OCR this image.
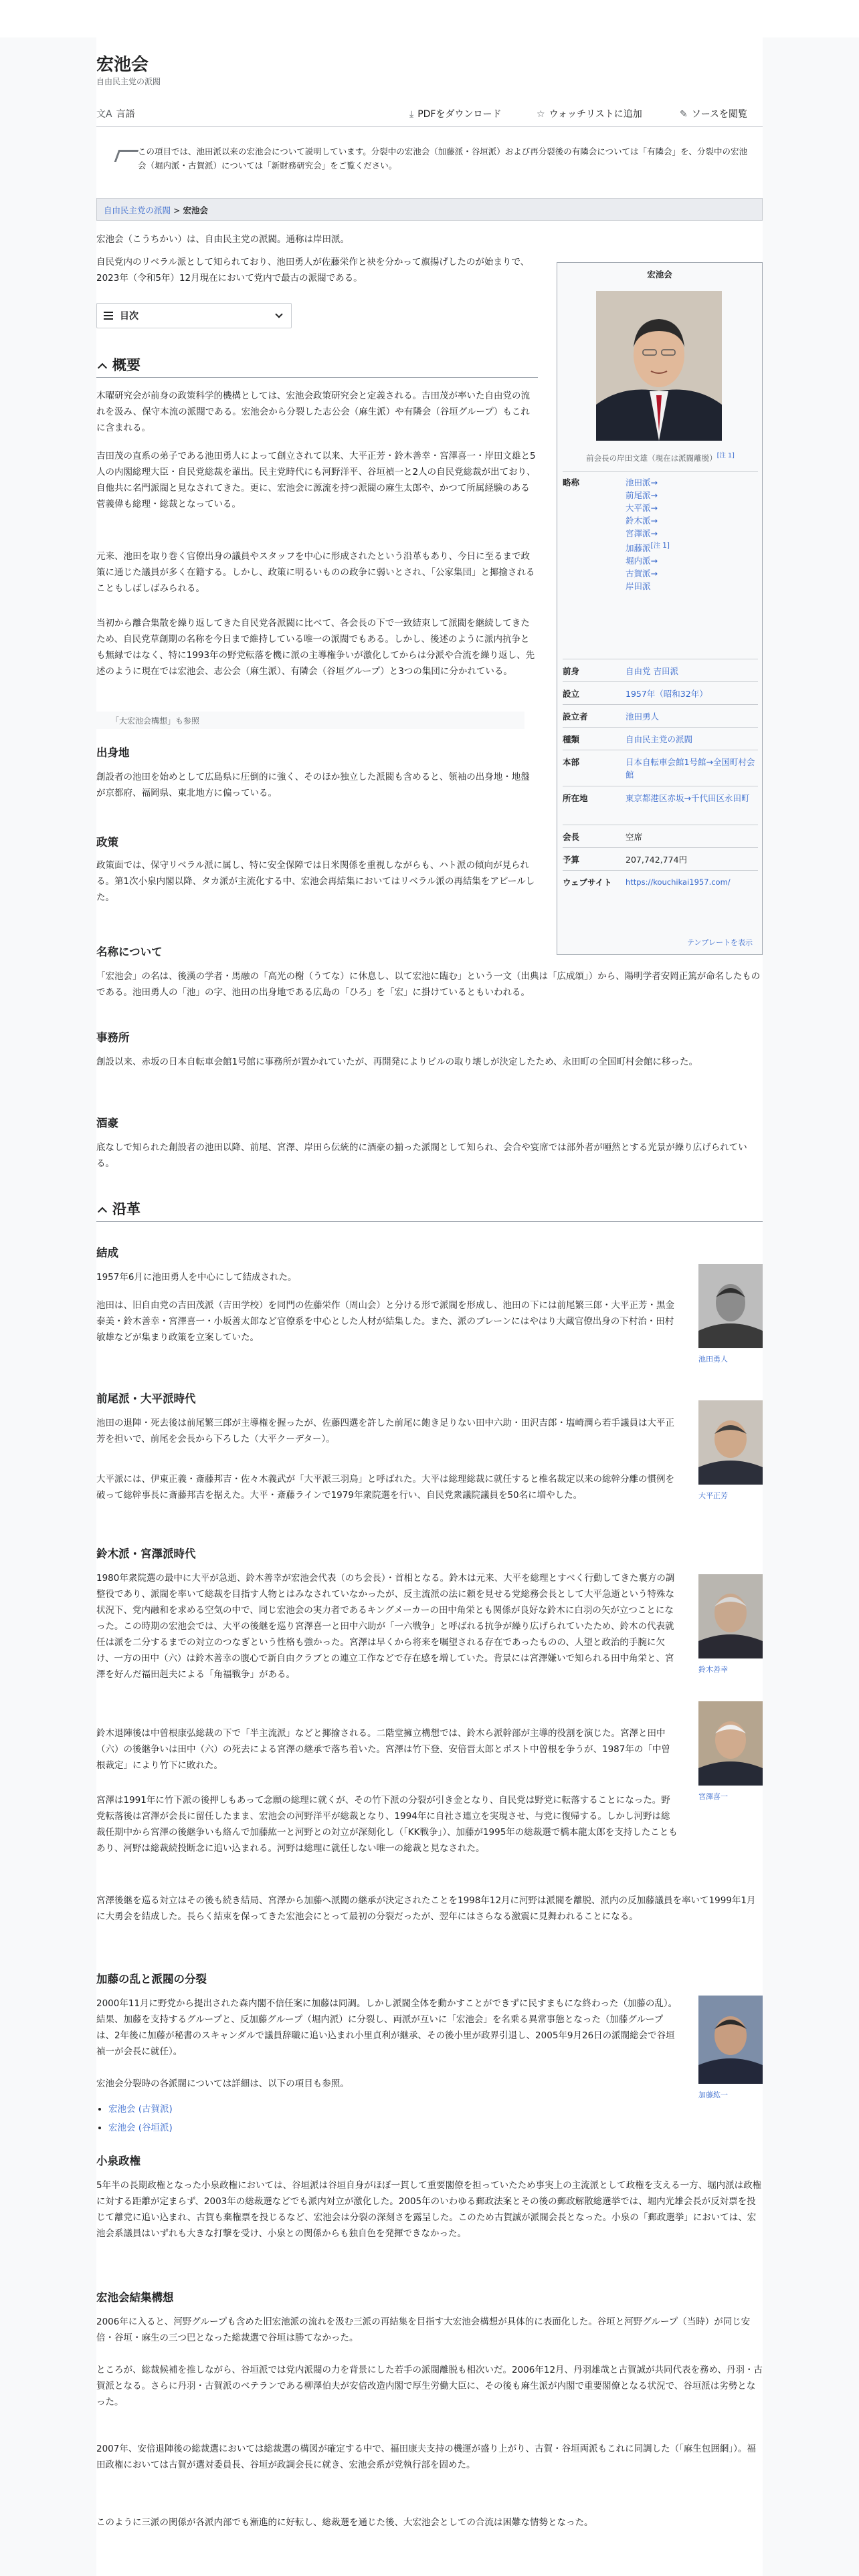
Wikipedia内を検索
宏池会
自由民主党の派閥
文A 言語	⤓ PDFをダウンロード	☆ ウォッチリストに追加	✎ ソースを閲覧
この項目では、池田派以来の宏池会について説明しています。分裂中の宏池会（加藤派・谷垣派）および再分裂後の有隣会については「有隣会」を、分裂中の宏池会（堀内派・古賀派）については「新財務研究会」をご覧ください。
自由民主党の派閥 > 宏池会

宏池会（こうちかい）は、自由民主党の派閥。通称は岸田派。

自民党内のリベラル派として知られており、池田勇人が佐藤栄作と袂を分かって旗揚げしたのが始まりで、2023年（令和5年）12月現在において党内で最古の派閥である。

目次
宏池会
前会長の岸田文雄（現在は派閥離脱）[注 1]
略称	池田派→
前尾派→
大平派→
鈴木派→
宮澤派→
加藤派[注 1]
堀内派→
古賀派→
岸田派
前身	自由党 吉田派
設立	1957年（昭和32年）
設立者	池田勇人
種類	自由民主党の派閥
本部	日本自転車会館1号館→全国町村会館
所在地	東京都港区赤坂→千代田区永田町
会長	空席
予算	207,742,774円
ウェブサイト https://kouchikai1957.com/
テンプレートを表示
概要

木曜研究会が前身の政策科学的機構としては、宏池会政策研究会と定義される。吉田茂が率いた自由党の流れを汲み、保守本流の派閥である。宏池会から分裂した志公会（麻生派）や有隣会（谷垣グループ）もこれに含まれる。

吉田茂の直系の弟子である池田勇人によって創立されて以来、大平正芳・鈴木善幸・宮澤喜一・岸田文雄と5人の内閣総理大臣・自民党総裁を輩出。民主党時代にも河野洋平、谷垣禎一と2人の自民党総裁が出ており、自他共に名門派閥と見なされてきた。更に、宏池会に源流を持つ派閥の麻生太郎や、かつて所属経験のある菅義偉も総理・総裁となっている。

元来、池田を取り巻く官僚出身の議員やスタッフを中心に形成されたという沿革もあり、今日に至るまで政策に通じた議員が多く在籍する。しかし、政策に明るいものの政争に弱いとされ、「公家集団」と揶揄されることもしばしばみられる。

当初から離合集散を繰り返してきた自民党各派閥に比べて、各会長の下で一致結束して派閥を継続してきたため、自民党草創期の名称を今日まで維持している唯一の派閥でもある。しかし、後述のように派内抗争とも無縁ではなく、特に1993年の野党転落を機に派の主導権争いが激化してからは分派や合流を繰り返し、先述のように現在では宏池会、志公会（麻生派）、有隣会（谷垣グループ）と3つの集団に分かれている。

「大宏池会構想」も参照
出身地

創設者の池田を始めとして広島県に圧倒的に強く、そのほか独立した派閥も含めると、領袖の出身地・地盤が京都府、福岡県、東北地方に偏っている。

政策

政策面では、保守リベラル派に属し、特に安全保障では日米関係を重視しながらも、ハト派の傾向が見られる。第1次小泉内閣以降、タカ派が主流化する中、宏池会再結集においてはリベラル派の再結集をアピールした。

名称について

「宏池会」の名は、後漢の学者・馬融の「高光の榭（うてな）に休息し、以て宏池に臨む」という一文（出典は「広成頌」）から、陽明学者安岡正篤が命名したものである。池田勇人の「池」の字、池田の出身地である広島の「ひろ」を「宏」に掛けているともいわれる。

事務所

創設以来、赤坂の日本自転車会館1号館に事務所が置かれていたが、再開発によりビルの取り壊しが決定したため、永田町の全国町村会館に移った。

酒豪

底なしで知られた創設者の池田以降、前尾、宮澤、岸田ら伝統的に酒豪の揃った派閥として知られ、会合や宴席では部外者が唖然とする光景が繰り広げられている。

沿革
結成

1957年6月に池田勇人を中心にして結成された。

池田は、旧自由党の吉田茂派（吉田学校）を同門の佐藤栄作（周山会）と分ける形で派閥を形成し、池田の下には前尾繁三郎・大平正芳・黒金泰美・鈴木善幸・宮澤喜一・小坂善太郎など官僚系を中心とした人材が結集した。また、派のブレーンにはやはり大蔵官僚出身の下村治・田村敏雄などが集まり政策を立案していた。

池田勇人
前尾派・大平派時代

池田の退陣・死去後は前尾繁三郎が主導権を握ったが、佐藤四選を許した前尾に飽き足りない田中六助・田沢吉郎・塩崎潤ら若手議員は大平正芳を担いで、前尾を会長から下ろした（大平クーデター）。

大平派には、伊東正義・斎藤邦吉・佐々木義武が「大平派三羽烏」と呼ばれた。大平は総理総裁に就任すると椎名裁定以来の総幹分離の慣例を破って総幹事長に斎藤邦吉を据えた。大平・斎藤ラインで1979年衆院選を行い、自民党衆議院議員を50名に増やした。	大平正芳
鈴木派・宮澤派時代

1980年衆院選の最中に大平が急逝、鈴木善幸が宏池会代表（のち会長）・首相となる。鈴木は元来、大平を総理とすべく行動してきた裏方の調整役であり、派閥を率いて総裁を目指す人物とはみなされていなかったが、反主流派の法に頼を見せる党総務会長として大平急逝という特殊な状況下、党内融和を求める空気の中で、同じ宏池会の実力者であるキングメーカーの田中角栄とも関係が良好な鈴木に白羽の矢が立つことになった。この時期の宏池会では、大平の後継を巡り宮澤喜一と田中六助が「一六戦争」と呼ばれる抗争が繰り広げられていたため、鈴木の代表就任は派を二分するまでの対立のつなぎという性格も強かった。宮澤は早くから将来を嘱望される存在であったものの、人望と政治的手腕に欠け、一方の田中（六）は鈴木善幸の腹心で新自由クラブとの連立工作などで存在感を増していた。背景には宮澤嫌いで知られる田中角栄と、宮澤を好んだ福田赳夫による「角福戦争」がある。

鈴木退陣後は中曽根康弘総裁の下で「半主流派」などと揶揄される。二階堂擁立構想では、鈴木ら派幹部が主導的役割を演じた。宮澤と田中（六）の後継争いは田中（六）の死去による宮澤の継承で落ち着いた。宮澤は竹下登、安倍晋太郎とポスト中曽根を争うが、1987年の「中曽根裁定」により竹下に敗れた。

宮澤は1991年に竹下派の後押しもあって念願の総理に就くが、その竹下派の分裂が引き金となり、自民党は野党に転落することになった。野党転落後は宮澤が会長に留任したまま、宏池会の河野洋平が総裁となり、1994年に自社さ連立を実現させ、与党に復帰する。しかし河野は総裁任期中から宮澤の後継争いも絡んで加藤紘一と河野との対立が深刻化し（「KK戦争」）、加藤が1995年の総裁選で橋本龍太郎を支持したこともあり、河野は総裁続投断念に追い込まれる。河野は総理に就任しない唯一の総裁と見なされた。

宮澤後継を巡る対立はその後も続き結局、宮澤から加藤へ派閥の継承が決定されたことを1998年12月に河野は派閥を離脱、派内の反加藤議員を率いて1999年1月に大勇会を結成した。長らく結束を保ってきた宏池会にとって最初の分裂だったが、翌年にはさらなる激震に見舞われることになる。

鈴木善幸
宮澤喜一
加藤の乱と派閥の分裂

2000年11月に野党から提出された森内閣不信任案に加藤は同調。しかし派閥全体を動かすことができずに民すまもにな終わった（加藤の乱）。結果、加藤を支持するグループと、反加藤グループ（堀内派）に分裂し、両派が互いに「宏池会」を名乗る異常事態となった（加藤グループは、2年後に加藤が秘書のスキャンダルで議員辞職に追い込まれ小里貞利が継承、その後小里が政界引退し、2005年9月26日の派閥総会で谷垣禎一が会長に就任）。

宏池会分裂時の各派閥については詳細は、以下の項目も参照。

• 宏池会 (古賀派)
• 宏池会 (谷垣派)
加藤紘一
小泉政権

5年半の長期政権となった小泉政権においては、谷垣派は谷垣自身がほぼ一貫して重要閣僚を担っていたため事実上の主流派として政権を支える一方、堀内派は政権に対する距離が定まらず、2003年の総裁選などでも派内対立が激化した。2005年のいわゆる郵政法案とその後の郵政解散総選挙では、堀内光雄会長が反対票を投じて離党に追い込まれ、古賀も棄権票を投じるなど、宏池会は分裂の深刻さを露呈した。このため古賀誠が派閥会長となった。小泉の「郵政選挙」においては、宏池会系議員はいずれも大きな打撃を受け、小泉との関係からも独自色を発揮できなかった。

宏池会結集構想

2006年に入ると、河野グループも含めた旧宏池派の流れを汲む三派の再結集を目指す大宏池会構想が具体的に表面化した。谷垣と河野グループ（当時）が同じ安倍・谷垣・麻生の三つ巴となった総裁選で谷垣は勝てなかった。

ところが、総裁候補を推しながら、谷垣派では党内派閥の力を背景にした若手の派閥離脱も相次いだ。2006年12月、丹羽雄哉と古賀誠が共同代表を務め、丹羽・古賀派となる。さらに丹羽・古賀派のベテランである柳澤伯夫が安倍改造内閣で厚生労働大臣に、その後も麻生派が内閣で重要閣僚となる状況で、谷垣派は劣勢となった。

2007年、安倍退陣後の総裁選においては総裁選の構図が確定する中で、福田康夫支持の機運が盛り上がり、古賀・谷垣両派もこれに同調した（「麻生包囲網」）。福田政権においては古賀が選対委員長、谷垣が政調会長に就き、宏池会系が党執行部を固めた。

このように三派の関係が各派内部でも漸進的に好転し、総裁選を通じた後、大宏池会としての合流は困難な情勢となった。
